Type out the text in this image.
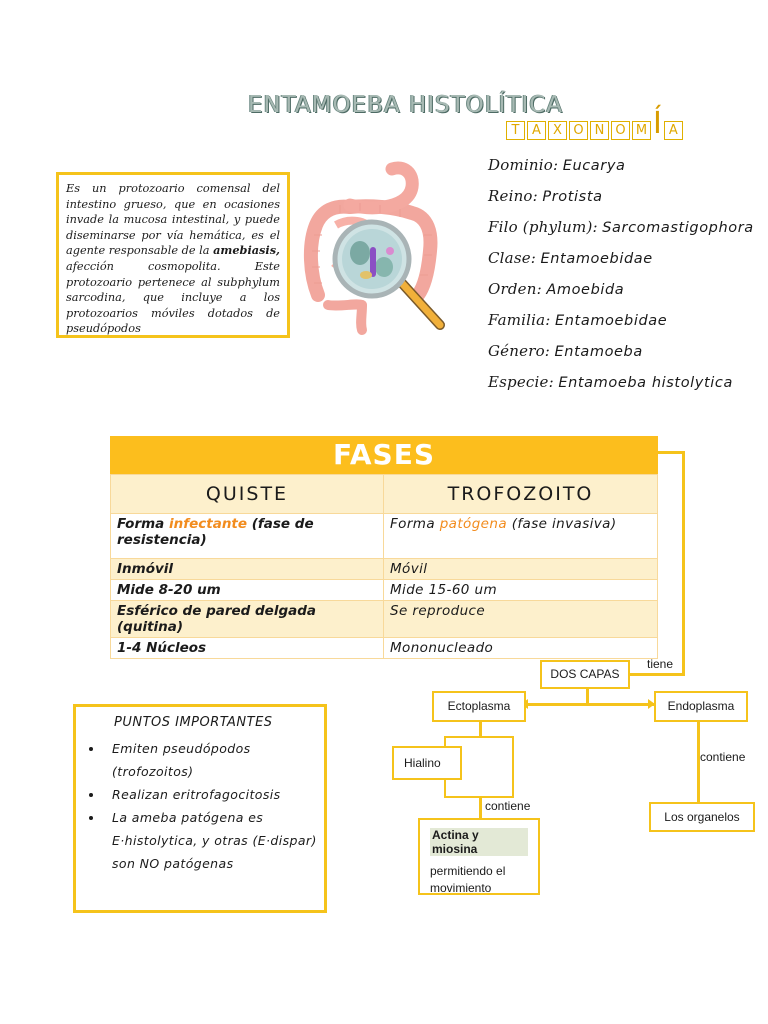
ENTAMOEBA HISTOLÍTICA
T A X O N O M Í A
Es un protozoario comensal del intestino grueso, que en ocasiones invade la mucosa intestinal, y puede diseminarse por vía hemática, es el agente responsable de la amebiasis, afección cosmopolita. Este protozoario pertenece al subphylum sarcodina, que incluye a los protozoarios móviles dotados de pseudópodos
Dominio: Eucarya
Reino: Protista
Filo (phylum): Sarcomastigophora
Clase: Entamoebidae
Orden: Amoebida
Familia: Entamoebidae
Género: Entamoeba
Especie: Entamoeba histolytica
FASES
QUISTE	TROFOZOITO
Forma infectante (fase de resistencia)	Forma patógena (fase invasiva)
Inmóvil	Móvil
Mide 8-20 um	Mide 15-60 um
Esférico de pared delgada (quitina)	Se reproduce
1-4 Núcleos	Mononucleado
tiene
PUNTOS IMPORTANTES
• Emiten pseudópodos (trofozoitos)
• Realizan eritrofagocitosis
• La ameba patógena es E·histolytica, y otras (E·dispar) son NO patógenas
DOS CAPAS
Ectoplasma	Endoplasma
Hialino
contiene
Actina y miosina
permitiendo el movimiento
contiene
Los organelos
